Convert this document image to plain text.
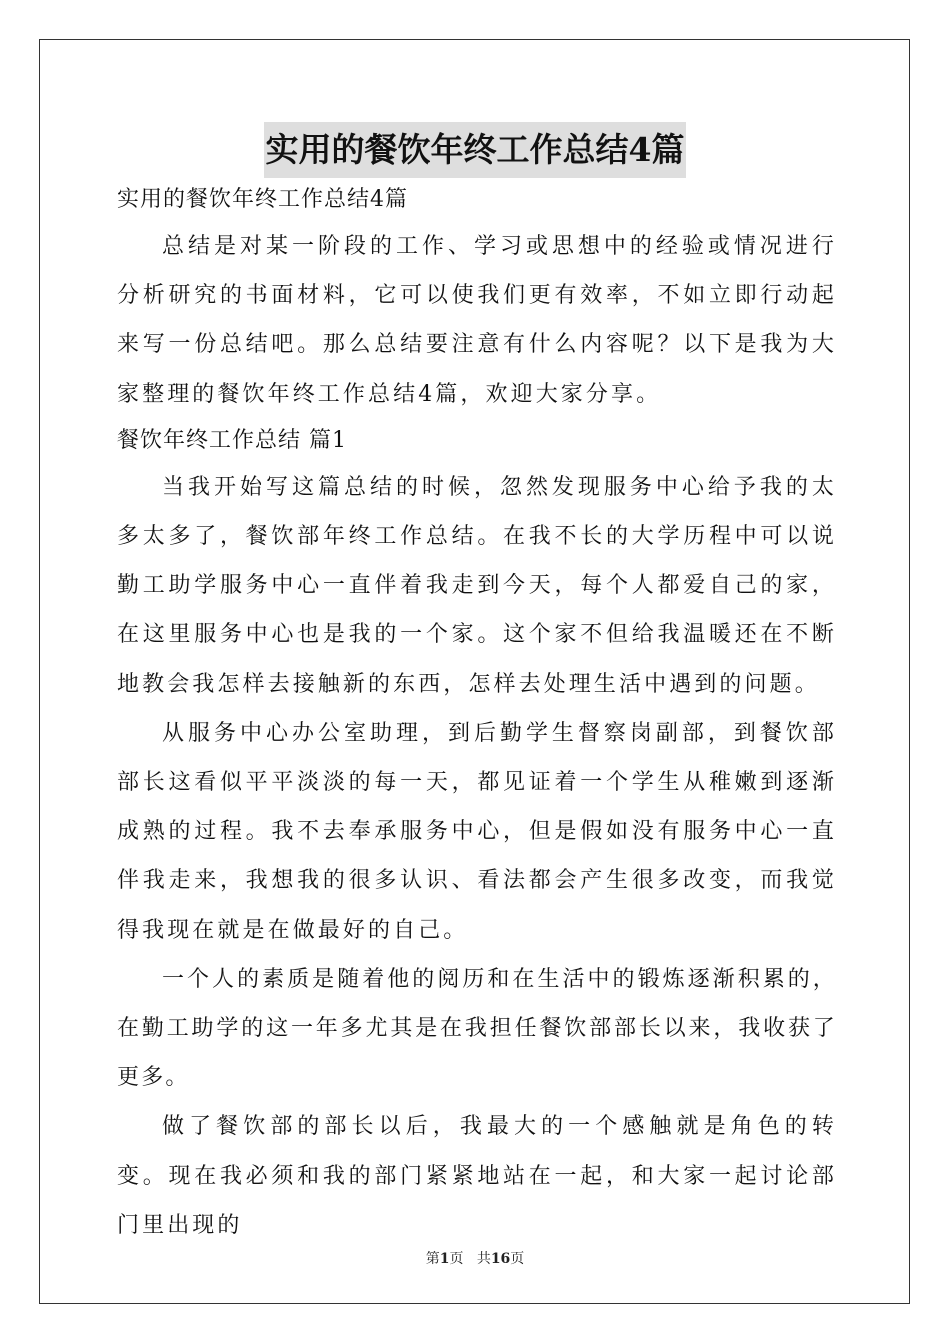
实用的餐饮年终工作总结4篇

实用的餐饮年终工作总结4篇

总结是对某一阶段的工作、学习或思想中的经验或情况进行分析研究的书面材料，它可以使我们更有效率，不如立即行动起来写一份总结吧。那么总结要注意有什么内容呢？以下是我为大家整理的餐饮年终工作总结4篇，欢迎大家分享。

餐饮年终工作总结 篇1

当我开始写这篇总结的时候，忽然发现服务中心给予我的太多太多了，餐饮部年终工作总结。在我不长的大学历程中可以说勤工助学服务中心一直伴着我走到今天，每个人都爱自己的家，在这里服务中心也是我的一个家。这个家不但给我温暖还在不断地教会我怎样去接触新的东西，怎样去处理生活中遇到的问题。

从服务中心办公室助理，到后勤学生督察岗副部，到餐饮部部长这看似平平淡淡的每一天，都见证着一个学生从稚嫩到逐渐成熟的过程。我不去奉承服务中心，但是假如没有服务中心一直伴我走来，我想我的很多认识、看法都会产生很多改变，而我觉得我现在就是在做最好的自己。

一个人的素质是随着他的阅历和在生活中的锻炼逐渐积累的，在勤工助学的这一年多尤其是在我担任餐饮部部长以来，我收获了更多。

做了餐饮部的部长以后，我最大的一个感触就是角色的转变。现在我必须和我的部门紧紧地站在一起，和大家一起讨论部门里出现的

第1页 共16页
